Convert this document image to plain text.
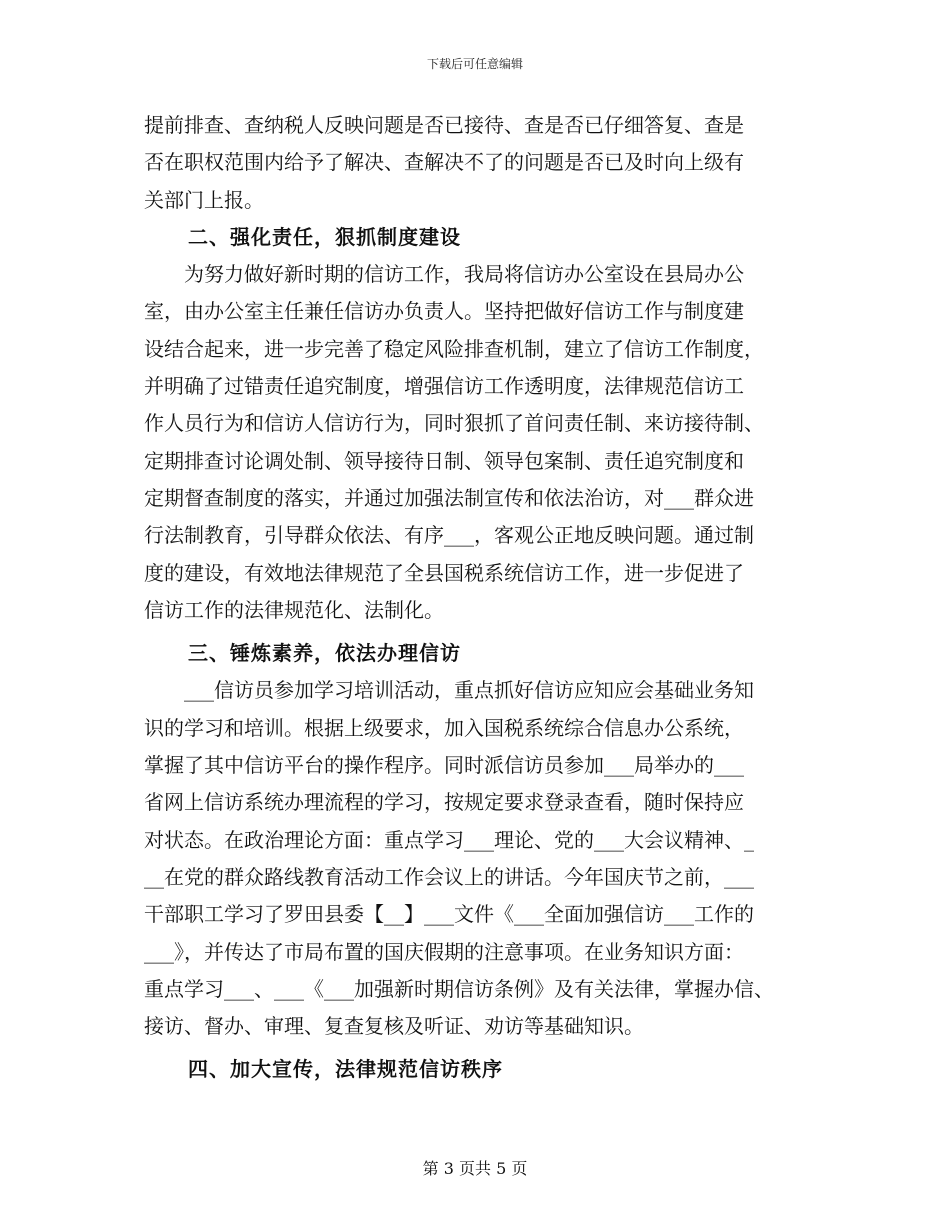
下载后可任意编辑
提前排查、查纳税人反映问题是否已接待、查是否已仔细答复、查是
否在职权范围内给予了解决、查解决不了的问题是否已及时向上级有
关部门上报。
二、强化责任，狠抓制度建设
为努力做好新时期的信访工作，我局将信访办公室设在县局办公
室，由办公室主任兼任信访办负责人。坚持把做好信访工作与制度建
设结合起来，进一步完善了稳定风险排查机制，建立了信访工作制度，
并明确了过错责任追究制度，增强信访工作透明度，法律规范信访工
作人员行为和信访人信访行为，同时狠抓了首问责任制、来访接待制、
定期排查讨论调处制、领导接待日制、领导包案制、责任追究制度和
定期督查制度的落实，并通过加强法制宣传和依法治访，对___群众进
行法制教育，引导群众依法、有序___，客观公正地反映问题。通过制
度的建设，有效地法律规范了全县国税系统信访工作，进一步促进了
信访工作的法律规范化、法制化。
三、锤炼素养，依法办理信访
___信访员参加学习培训活动，重点抓好信访应知应会基础业务知
识的学习和培训。根据上级要求，加入国税系统综合信息办公系统，
掌握了其中信访平台的操作程序。同时派信访员参加___局举办的___
省网上信访系统办理流程的学习，按规定要求登录查看，随时保持应
对状态。在政治理论方面：重点学习___理论、党的___大会议精神、_
__在党的群众路线教育活动工作会议上的讲话。今年国庆节之前，___
干部职工学习了罗田县委【__】___文件《___全面加强信访___工作的
___》，并传达了市局布置的国庆假期的注意事项。在业务知识方面：
重点学习___、___《___加强新时期信访条例》及有关法律，掌握办信、
接访、督办、审理、复查复核及听证、劝访等基础知识。
四、加大宣传，法律规范信访秩序
第 3 页共 5 页
